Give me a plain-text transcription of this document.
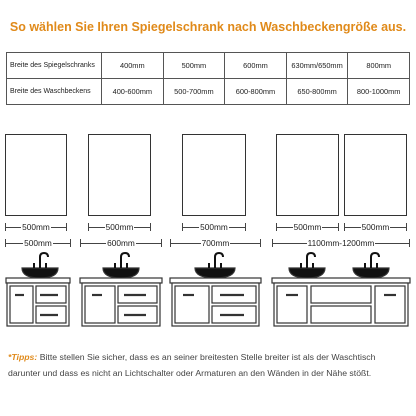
So wählen Sie Ihren Spiegelschrank nach Waschbeckengröße aus.
Breite des Spiegelschranks	400mm	500mm	600mm	630mm/650mm	800mm
Breite des Waschbeckens	400-600mm	500-700mm	600-800mm	650-800mm	800-1000mm
500mm	500mm	500mm	500mm	500mm
500mm	600mm	700mm	1100mm-1200mm
*Tipps: Bitte stellen Sie sicher, dass es an seiner breitesten Stelle breiter ist als der Waschtisch darunter und dass es nicht an Lichtschalter oder Armaturen an den Wänden in der Nähe stößt.
